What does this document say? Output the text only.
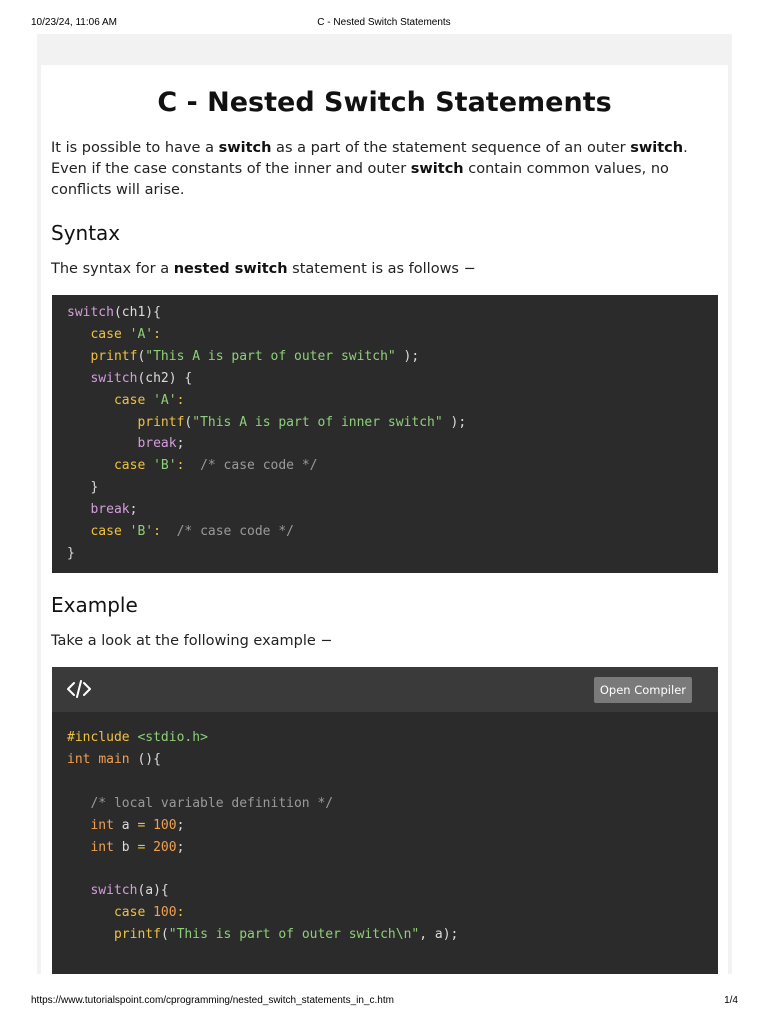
10/23/24, 11:06 AM	C - Nested Switch Statements
C - Nested Switch Statements

It is possible to have a switch as a part of the statement sequence of an outer switch. Even if the case constants of the inner and outer switch contain common values, no conflicts will arise.

Syntax

The syntax for a nested switch statement is as follows −

switch(ch1){
case 'A':
printf("This A is part of outer switch" );
switch(ch2) {
case 'A':
printf("This A is part of inner switch" );
break;
case 'B': /* case code */
}
break;
case 'B': /* case code */
}
Example

Take a look at the following example −

Open Compiler
#include <stdio.h>
int main (){

/* local variable definition */
int a = 100;
int b = 200;

switch(a){
case 100:
printf("This is part of outer switch\n", a);
https://www.tutorialspoint.com/cprogramming/nested_switch_statements_in_c.htm	1/4
